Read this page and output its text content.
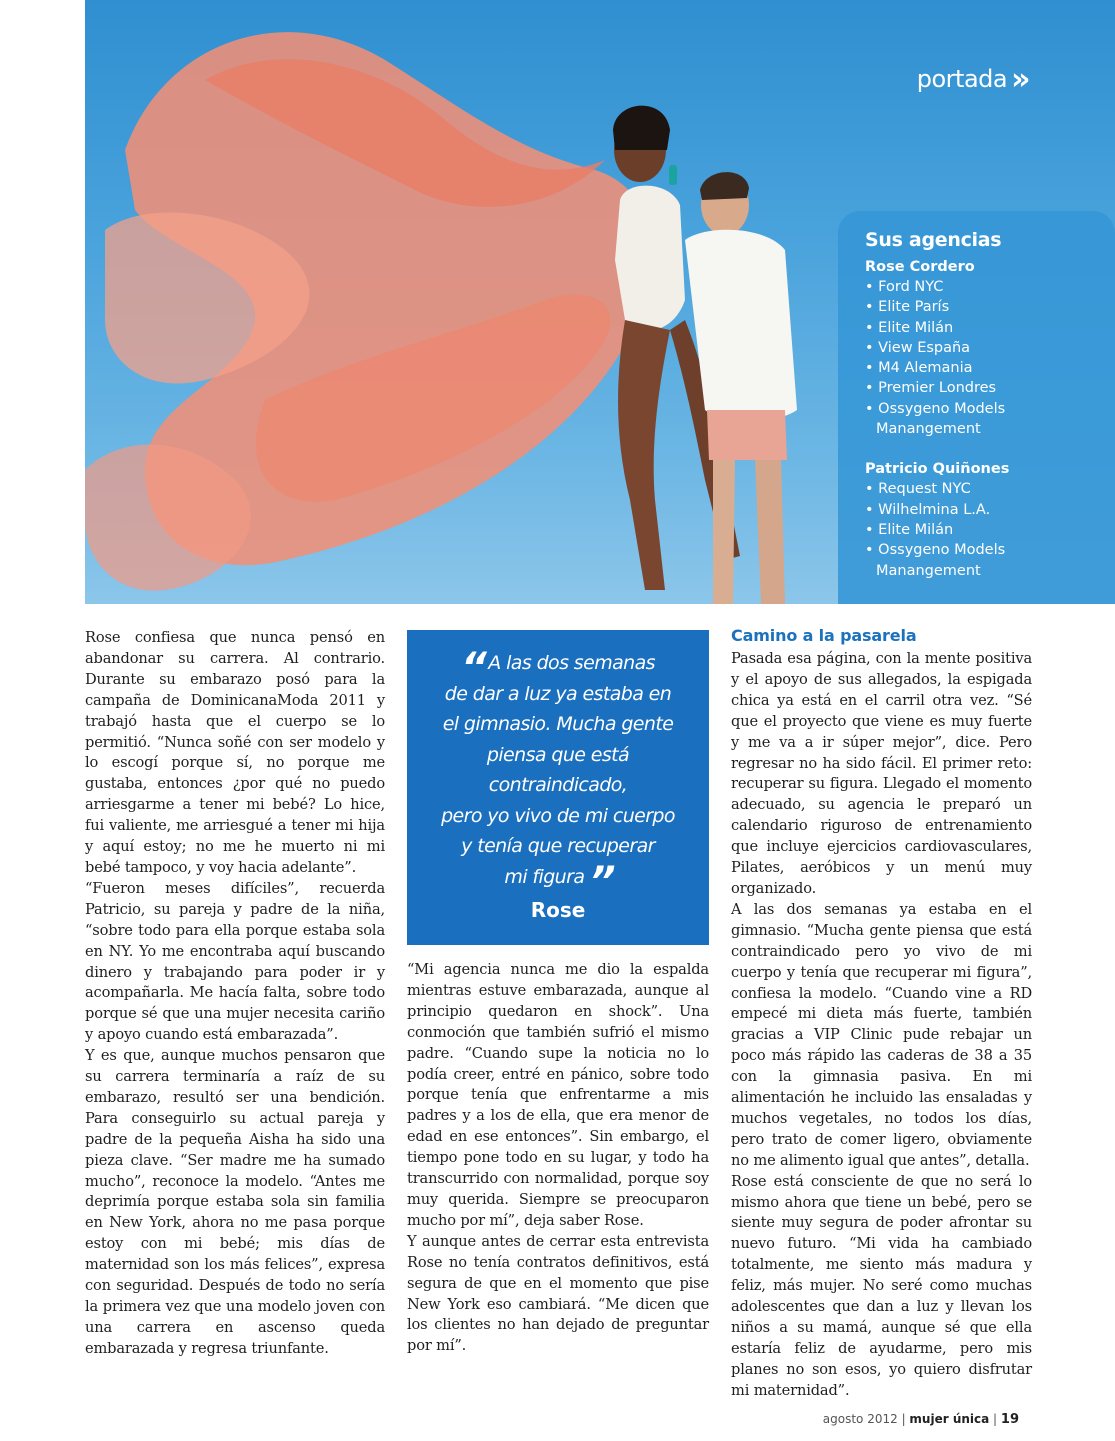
portada »
Sus agencias
Rose Cordero
• Ford NYC
• Elite París
• Elite Milán
• View España
• M4 Alemania
• Premier Londres
• Ossygeno Models Manangement
Patricio Quiñones
• Request NYC
• Wilhelmina L.A.
• Elite Milán
• Ossygeno Models Manangement

Rose confiesa que nunca pensó en abandonar su carrera. Al contrario. Durante su embarazo posó para la campaña de DominicanaModa 2011 y trabajó hasta que el cuerpo se lo permitió. “Nunca soñé con ser modelo y lo escogí porque sí, no porque me gustaba, entonces ¿por qué no puedo arriesgarme a tener mi bebé? Lo hice, fui valiente, me arriesgué a tener mi hija y aquí estoy; no me he muerto ni mi bebé tampoco, y voy hacia adelante”.

“Fueron meses difíciles”, recuerda Patricio, su pareja y padre de la niña, “sobre todo para ella porque estaba sola en NY. Yo me encontraba aquí buscando dinero y trabajando para poder ir y acompañarla. Me hacía falta, sobre todo porque sé que una mujer necesita cariño y apoyo cuando está embarazada”.

Y es que, aunque muchos pensaron que su carrera terminaría a raíz de su embarazo, resultó ser una bendición. Para conseguirlo su actual pareja y padre de la pequeña Aisha ha sido una pieza clave. “Ser madre me ha sumado mucho”, reconoce la modelo. “Antes me deprimía porque estaba sola sin familia en New York, ahora no me pasa porque estoy con mi bebé; mis días de maternidad son los más felices”, expresa con seguridad. Después de todo no sería la primera vez que una modelo joven con una carrera en ascenso queda embarazada y regresa triunfante.

“ A las dos semanas
de dar a luz ya estaba en
el gimnasio. Mucha gente
piensa que está
contraindicado,
pero yo vivo de mi cuerpo
y tenía que recuperar
mi figura ”
Rose

“Mi agencia nunca me dio la espalda mientras estuve embarazada, aunque al principio quedaron en shock”. Una conmoción que también sufrió el mismo padre. “Cuando supe la noticia no lo podía creer, entré en pánico, sobre todo porque tenía que enfrentarme a mis padres y a los de ella, que era menor de edad en ese entonces”. Sin embargo, el tiempo pone todo en su lugar, y todo ha transcurrido con normalidad, porque soy muy querida. Siempre se preocuparon mucho por mí”, deja saber Rose.

Y aunque antes de cerrar esta entrevista Rose no tenía contratos definitivos, está segura de que en el momento que pise New York eso cambiará. “Me dicen que los clientes no han dejado de preguntar por mí”.

Camino a la pasarela

Pasada esa página, con la mente positiva y el apoyo de sus allegados, la espigada chica ya está en el carril otra vez. “Sé que el proyecto que viene es muy fuerte y me va a ir súper mejor”, dice. Pero regresar no ha sido fácil. El primer reto: recuperar su figura. Llegado el momento adecuado, su agencia le preparó un calendario riguroso de entrenamiento que incluye ejercicios cardiovasculares, Pilates, aeróbicos y un menú muy organizado.

A las dos semanas ya estaba en el gimnasio. “Mucha gente piensa que está contraindicado pero yo vivo de mi cuerpo y tenía que recuperar mi figura”, confiesa la modelo. “Cuando vine a RD empecé mi dieta más fuerte, también gracias a VIP Clinic pude rebajar un poco más rápido las caderas de 38 a 35 con la gimnasia pasiva. En mi alimentación he incluido las ensaladas y muchos vegetales, no todos los días, pero trato de comer ligero, obviamente no me alimento igual que antes”, detalla.

Rose está consciente de que no será lo mismo ahora que tiene un bebé, pero se siente muy segura de poder afrontar su nuevo futuro. “Mi vida ha cambiado totalmente, me siento más madura y feliz, más mujer. No seré como muchas adolescentes que dan a luz y llevan los niños a su mamá, aunque sé que ella estaría feliz de ayudarme, pero mis planes no son esos, yo quiero disfrutar mi maternidad”.

agosto 2012 | mujer única | 19
